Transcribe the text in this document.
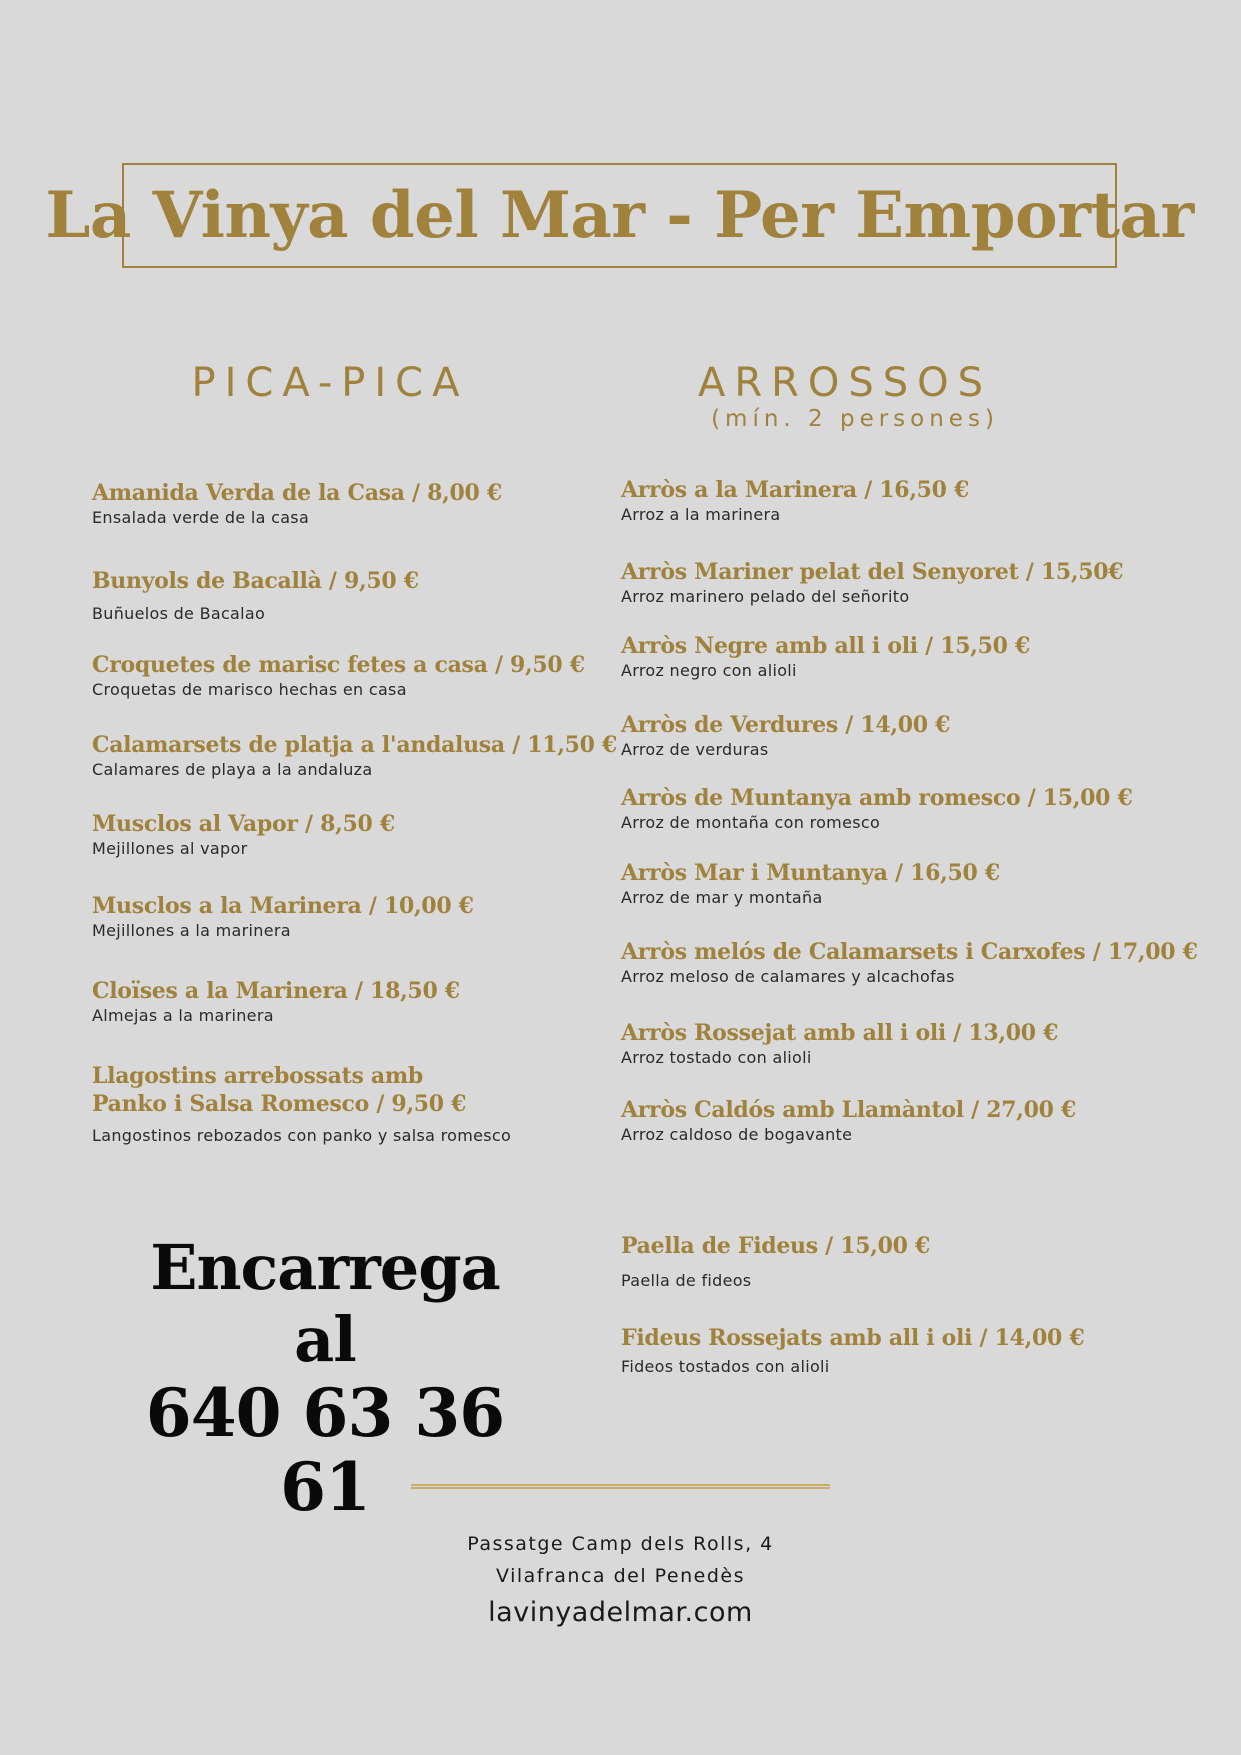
La Vinya del Mar - Per Emportar
PICA-PICA	ARROSSOS
(mín. 2 persones)
Amanida Verda de la Casa / 8,00 €
Ensalada verde de la casa
Bunyols de Bacallà / 9,50 €
Buñuelos de Bacalao
Croquetes de marisc fetes a casa / 9,50 €
Croquetas de marisco hechas en casa
Calamarsets de platja a l'andalusa / 11,50 €
Calamares de playa a la andaluza
Musclos al Vapor / 8,50 €
Mejillones al vapor
Musclos a la Marinera / 10,00 €
Mejillones a la marinera
Cloïses a la Marinera / 18,50 €
Almejas a la marinera
Llagostins arrebossats amb
Panko i Salsa Romesco / 9,50 €
Langostinos rebozados con panko y salsa romesco
Arròs a la Marinera / 16,50 €
Arroz a la marinera
Arròs Mariner pelat del Senyoret / 15,50€
Arroz marinero pelado del señorito
Arròs Negre amb all i oli / 15,50 €
Arroz negro con alioli
Arròs de Verdures / 14,00 €
Arroz de verduras
Arròs de Muntanya amb romesco / 15,00 €
Arroz de montaña con romesco
Arròs Mar i Muntanya / 16,50 €
Arroz de mar y montaña
Arròs melós de Calamarsets i Carxofes / 17,00 €
Arroz meloso de calamares y alcachofas
Arròs Rossejat amb all i oli / 13,00 €
Arroz tostado con alioli
Arròs Caldós amb Llamàntol / 27,00 €
Arroz caldoso de bogavante
Paella de Fideus / 15,00 €
Paella de fideos
Fideus Rossejats amb all i oli / 14,00 €
Fideos tostados con alioli
Encarrega al
640 63 36 61
Passatge Camp dels Rolls, 4
Vilafranca del Penedès
lavinyadelmar.com
